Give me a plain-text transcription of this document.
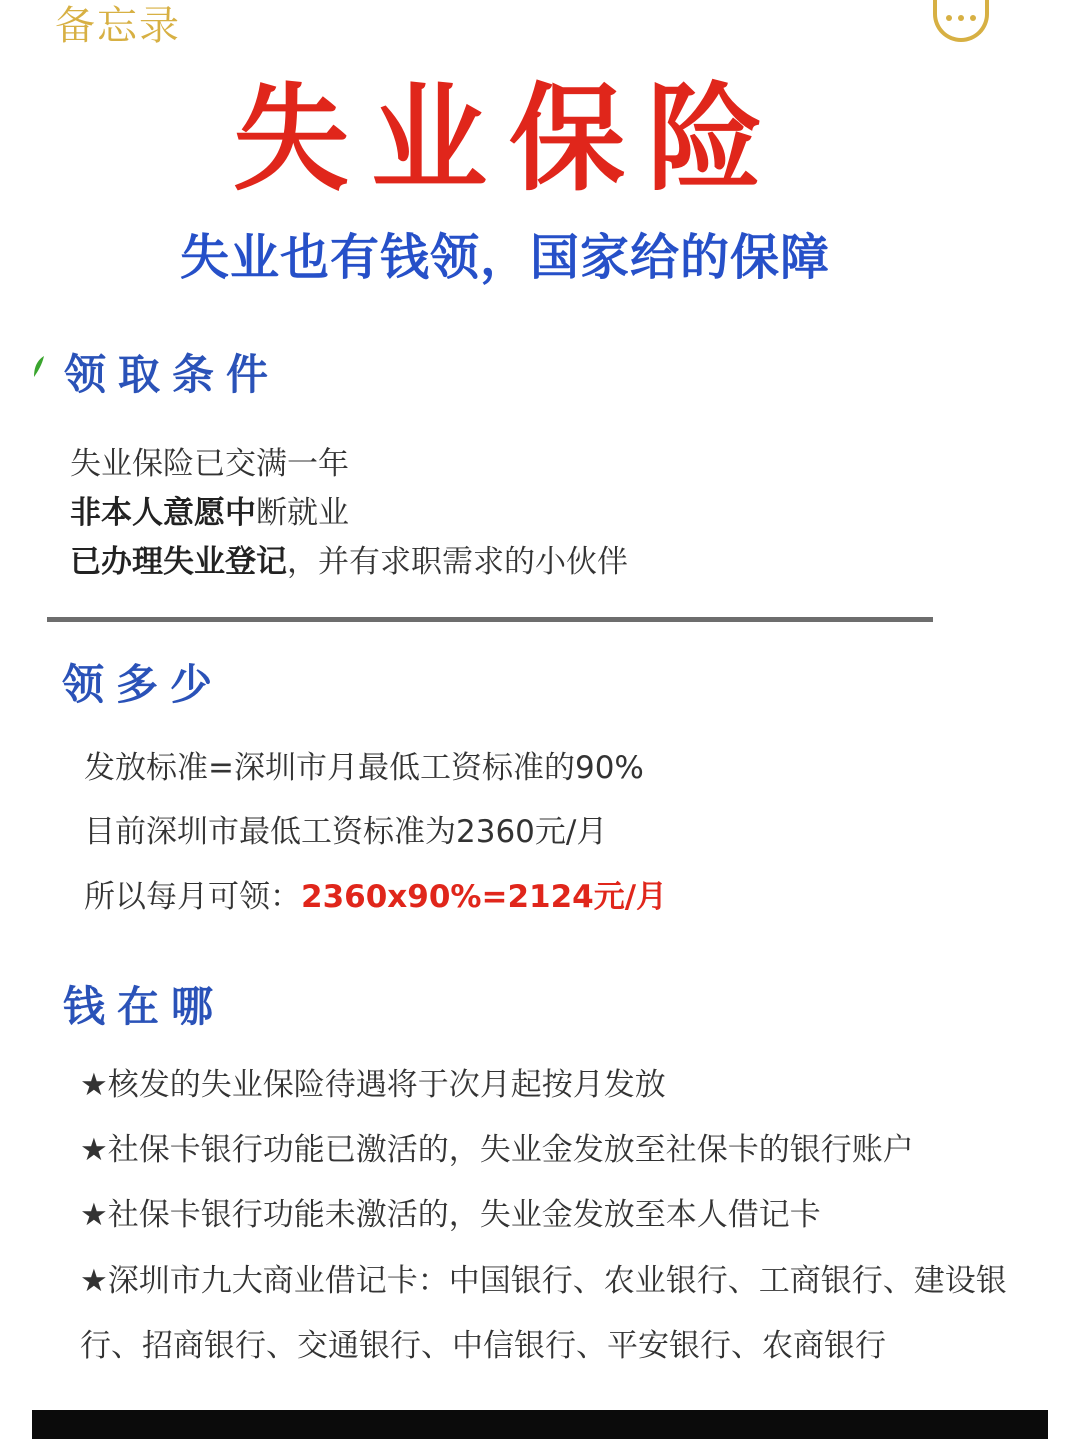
备忘录
失业保险
失业也有钱领，国家给的保障
领取条件
失业保险已交满一年
非本人意愿中断就业
已办理失业登记，并有求职需求的小伙伴
领多少
发放标准=深圳市月最低工资标准的90%
目前深圳市最低工资标准为2360元/月
所以每月可领：2360x90%=2124元/月
钱在哪
★核发的失业保险待遇将于次月起按月发放
★社保卡银行功能已激活的，失业金发放至社保卡的银行账户
★社保卡银行功能未激活的，失业金发放至本人借记卡
★深圳市九大商业借记卡：中国银行、农业银行、工商银行、建设银
行、招商银行、交通银行、中信银行、平安银行、农商银行
